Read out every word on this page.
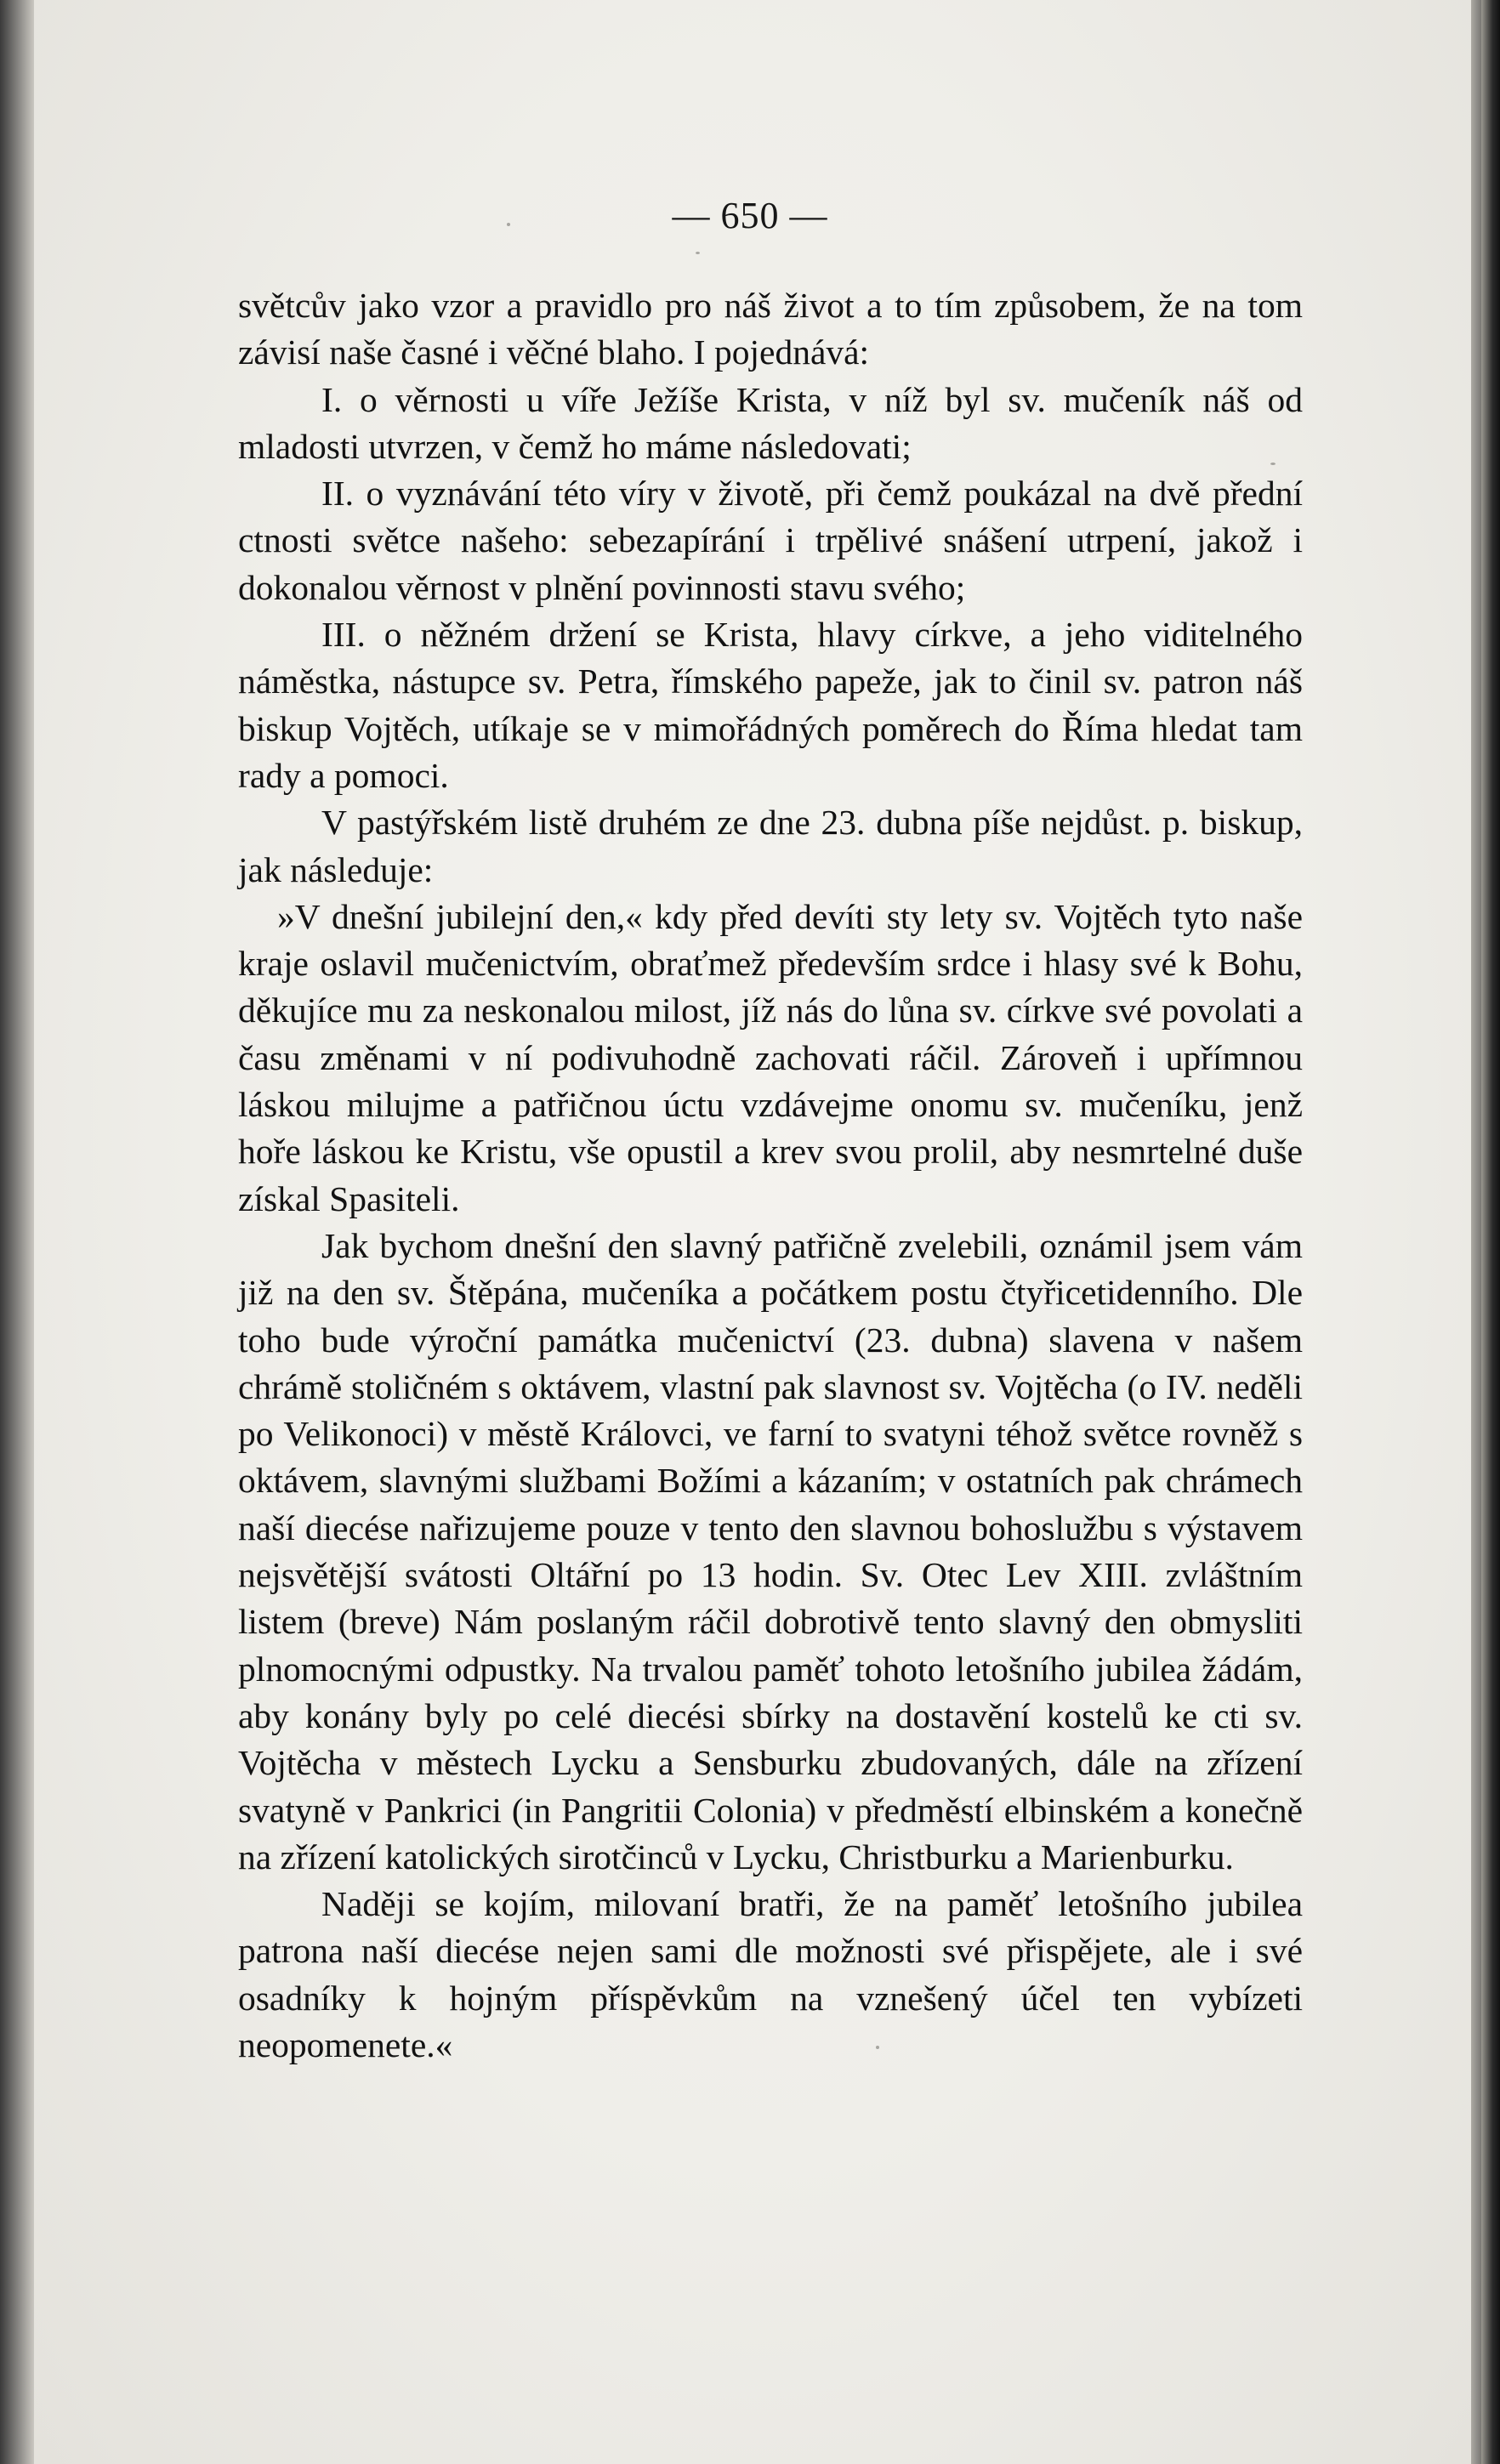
— 650 —

světcův jako vzor a pravidlo pro náš život a to tím způsobem, že na tom závisí naše časné i věčné blaho. I pojednává:

I. o věrnosti u víře Ježíše Krista, v níž byl sv. mučeník náš od mladosti utvrzen, v čemž ho máme následovati;

II. o vyznávání této víry v životě, při čemž poukázal na dvě přední ctnosti světce našeho: sebezapírání i trpělivé snášení utrpení, jakož i dokonalou věrnost v plnění povinnosti stavu svého;

III. o něžném držení se Krista, hlavy církve, a jeho viditelného náměstka, nástupce sv. Petra, římského papeže, jak to činil sv. patron náš biskup Vojtěch, utíkaje se v mimořádných poměrech do Říma hledat tam rady a pomoci.

V pastýřském listě druhém ze dne 23. dubna píše nejdůst. p. biskup, jak následuje:

»V dnešní jubilejní den,« kdy před devíti sty lety sv. Vojtěch tyto naše kraje oslavil mučenictvím, obraťmež především srdce i hlasy své k Bohu, děkujíce mu za neskonalou milost, jíž nás do lůna sv. církve své povolati a času změnami v ní podivuhodně zachovati ráčil. Zároveň i upřímnou láskou milujme a patřičnou úctu vzdávejme onomu sv. mučeníku, jenž hoře láskou ke Kristu, vše opustil a krev svou prolil, aby nesmrtelné duše získal Spasiteli.

Jak bychom dnešní den slavný patřičně zvelebili, oznámil jsem vám již na den sv. Štěpána, mučeníka a počátkem postu čtyřicetidenního. Dle toho bude výroční památka mučenictví (23. dubna) slavena v našem chrámě stoličném s oktávem, vlastní pak slavnost sv. Vojtěcha (o IV. neděli po Velikonoci) v městě Královci, ve farní to svatyni téhož světce rovněž s oktávem, slavnými službami Božími a kázaním; v ostatních pak chrámech naší diecése nařizujeme pouze v tento den slavnou bohoslužbu s výstavem nejsvětější svátosti Oltářní po 13 hodin. Sv. Otec Lev XIII. zvláštním listem (breve) Nám poslaným ráčil dobrotivě tento slavný den obmysliti plnomocnými odpustky. Na trvalou paměť tohoto letošního jubilea žádám, aby konány byly po celé diecési sbírky na dostavění kostelů ke cti sv. Vojtěcha v městech Lycku a Sensburku zbudovaných, dále na zřízení svatyně v Pankrici (in Pangritii Colonia) v předměstí elbinském a konečně na zřízení katolických sirotčinců v Lycku, Christburku a Marienburku.

Naději se kojím, milovaní bratři, že na paměť letošního jubilea patrona naší diecése nejen sami dle možnosti své přispějete, ale i své osadníky k hojným příspěvkům na vznešený účel ten vybízeti neopomenete.«
